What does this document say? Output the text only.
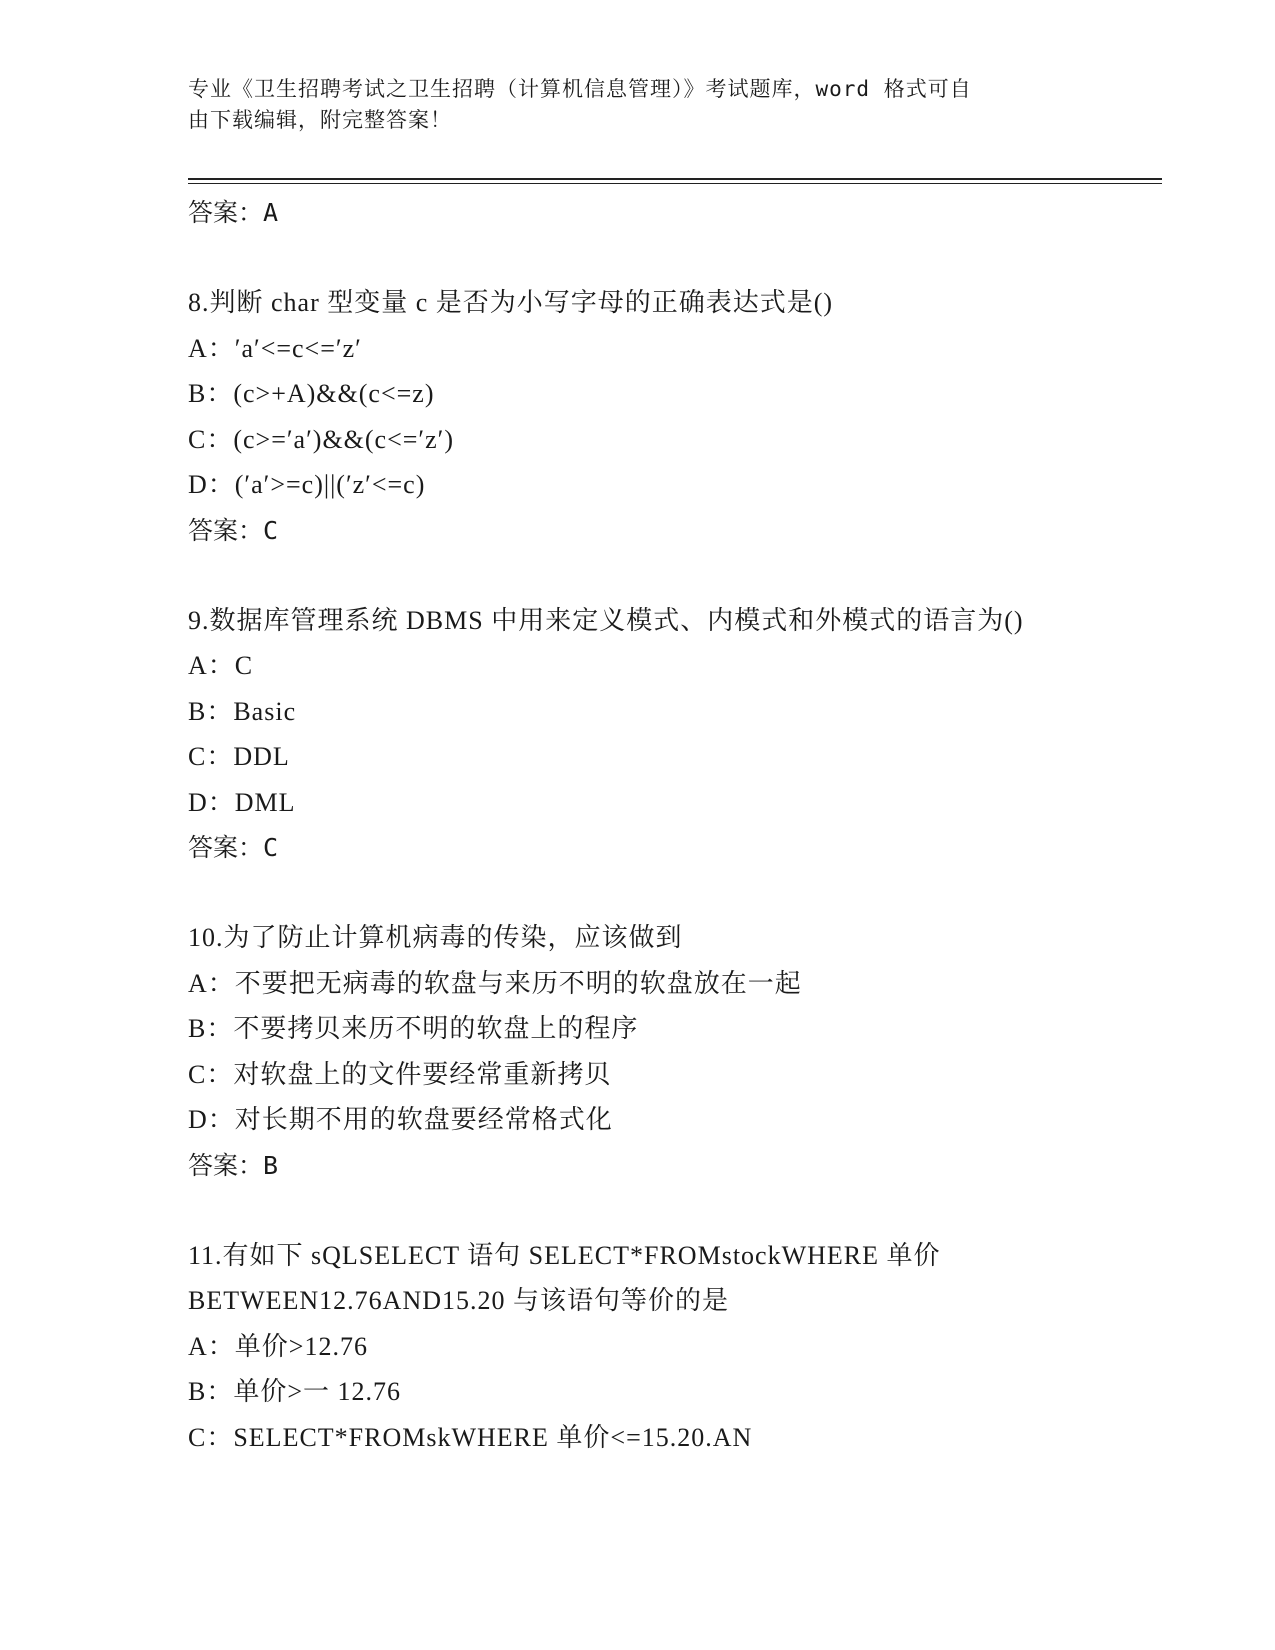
专业《卫生招聘考试之卫生招聘（计算机信息管理）》考试题库，word 格式可自
由下载编辑，附完整答案！
答案：A
8.判断 char 型变量 c 是否为小写字母的正确表达式是()
A：′a′<=c<=′z′
B：(c>+A)&&(c<=z)
C：(c>=′a′)&&(c<=′z′)
D：(′a′>=c)||(′z′<=c)
答案：C
9.数据库管理系统 DBMS 中用来定义模式、内模式和外模式的语言为()
A：C
B：Basic
C：DDL
D：DML
答案：C
10.为了防止计算机病毒的传染，应该做到
A：不要把无病毒的软盘与来历不明的软盘放在一起
B：不要拷贝来历不明的软盘上的程序
C：对软盘上的文件要经常重新拷贝
D：对长期不用的软盘要经常格式化
答案：B
11.有如下 sQLSELECT 语句 SELECT*FROMstockWHERE 单价
BETWEEN12.76AND15.20 与该语句等价的是
A：单价>12.76
B：单价>一 12.76
C：SELECT*FROMskWHERE 单价<=15.20.AN
